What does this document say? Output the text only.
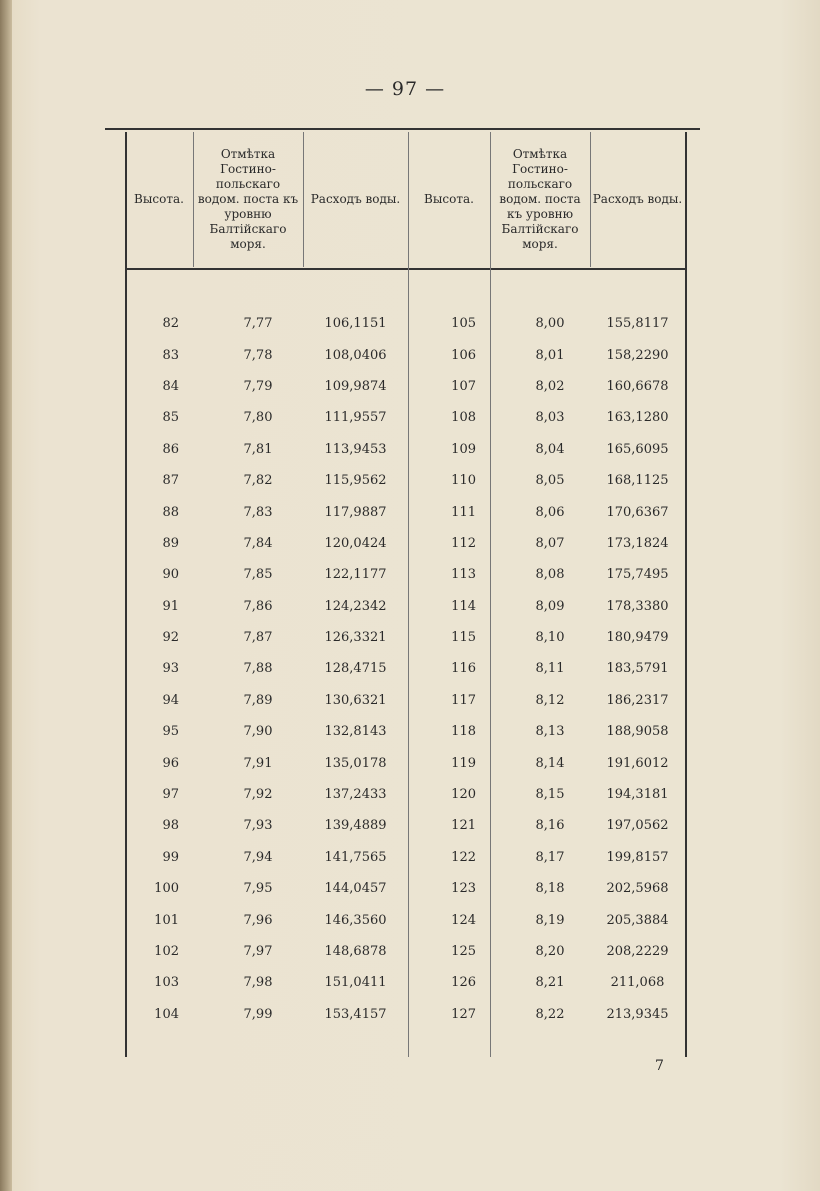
— 97 —
Высота.	Отмѣтка Гостино-польскаго водом. поста къ уровню Балтійскаго моря.	Расходъ воды.	Высота.	Отмѣтка Гостино-польскаго водом. поста къ уровню Балтійскаго моря.	Расходъ воды.

82	7,77	106,1151	105	8,00	155,8117
83	7,78	108,0406	106	8,01	158,2290
84	7,79	109,9874	107	8,02	160,6678
85	7,80	111,9557	108	8,03	163,1280
86	7,81	113,9453	109	8,04	165,6095
87	7,82	115,9562	110	8,05	168,1125
88	7,83	117,9887	111	8,06	170,6367
89	7,84	120,0424	112	8,07	173,1824
90	7,85	122,1177	113	8,08	175,7495
91	7,86	124,2342	114	8,09	178,3380
92	7,87	126,3321	115	8,10	180,9479
93	7,88	128,4715	116	8,11	183,5791
94	7,89	130,6321	117	8,12	186,2317
95	7,90	132,8143	118	8,13	188,9058
96	7,91	135,0178	119	8,14	191,6012
97	7,92	137,2433	120	8,15	194,3181
98	7,93	139,4889	121	8,16	197,0562
99	7,94	141,7565	122	8,17	199,8157
100	7,95	144,0457	123	8,18	202,5968
101	7,96	146,3560	124	8,19	205,3884
102	7,97	148,6878	125	8,20	208,2229
103	7,98	151,0411	126	8,21	211,068
104	7,99	153,4157	127	8,22	213,9345
7
